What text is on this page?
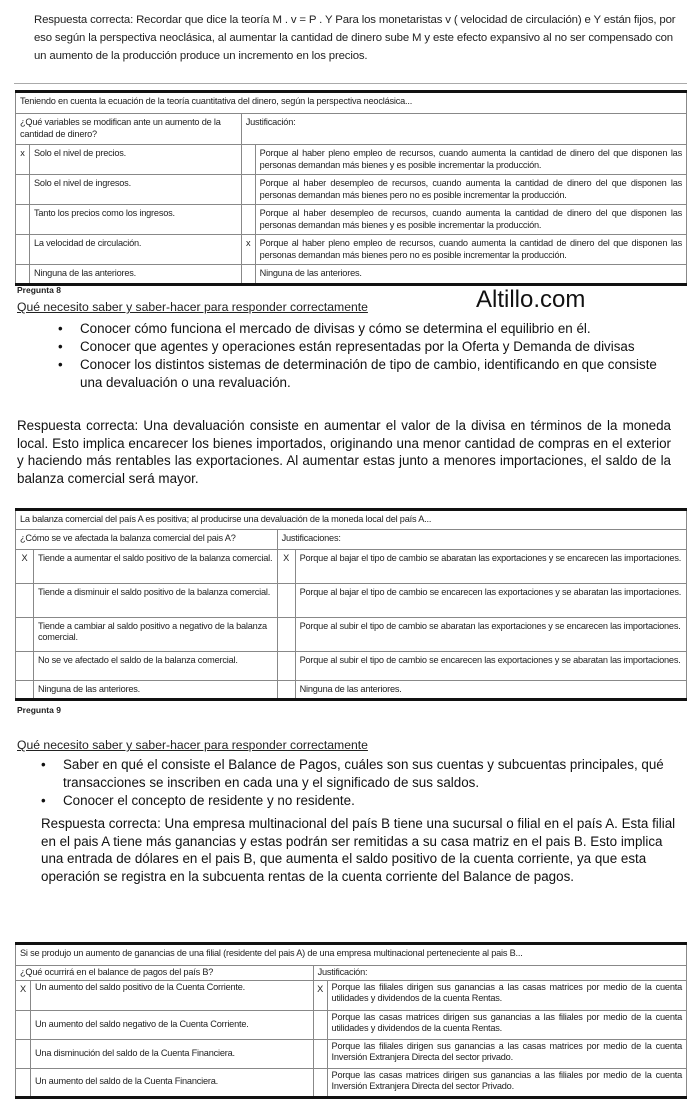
Respuesta correcta: Recordar que dice la teoría M . v = P . Y Para los monetaristas v ( velocidad de circulación) e Y están fijos, por eso según la perspectiva neoclásica, al aumentar la cantidad de dinero sube M y este efecto expansivo al no ser compensado con un aumento de la producción produce un incremento en los precios.

Teniendo en cuenta la ecuación de la teoría cuantitativa del dinero, según la perspectiva neoclásica...			
¿Qué variables se modifican ante un aumento de la cantidad de dinero?		Justificación:	
x	Solo el nivel de precios.		Porque al haber pleno empleo de recursos, cuando aumenta la cantidad de dinero del que disponen las personas demandan más bienes y es posible incrementar la producción.
	Solo el nivel de ingresos.		Porque al haber desempleo de recursos, cuando aumenta la cantidad de dinero del que disponen las personas demandan más bienes pero no es posible incrementar la producción.
	Tanto los precios como los ingresos.		Porque al haber desempleo de recursos, cuando aumenta la cantidad de dinero del que disponen las personas demandan más bienes y es posible incrementar la producción.
	La velocidad de circulación.	x	Porque al haber pleno empleo de recursos, cuando aumenta la cantidad de dinero del que disponen las personas demandan más bienes pero no es posible incrementar la producción.
	Ninguna de las anteriores.		Ninguna de las anteriores.
Pregunta 8
Qué necesito saber y saber-hacer para responder correctamente	Altillo.com
• Conocer cómo funciona el mercado de divisas y cómo se determina el equilibrio en él.
• Conocer que agentes y operaciones están representadas por la Oferta y Demanda de divisas
• Conocer los distintos sistemas de determinación de tipo de cambio, identificando en que consiste una devaluación o una revaluación.

Respuesta correcta: Una devaluación consiste en aumentar el valor de la divisa en términos de la moneda local. Esto implica encarecer los bienes importados, originando una menor cantidad de compras en el exterior y haciendo más rentables las exportaciones. Al aumentar estas junto a menores importaciones, el saldo de la balanza comercial será mayor.

La balanza comercial del país A es positiva; al producirse una devaluación de la moneda local del país A...			
¿Cómo se ve afectada la balanza comercial del pais A?		Justificaciones:	
X	Tiende a aumentar el saldo positivo de la balanza comercial.	X	Porque al bajar el tipo de cambio se abaratan las exportaciones y se encarecen las importaciones.
	Tiende a disminuir el saldo positivo de la balanza comercial.		Porque al bajar el tipo de cambio se encarecen las exportaciones y se abaratan las importaciones.
	Tiende a cambiar al saldo positivo a negativo de la balanza comercial.		Porque al subir el tipo de cambio se abaratan las exportaciones y se encarecen las importaciones.
	No se ve afectado el saldo de la balanza comercial.		Porque al subir el tipo de cambio se encarecen las exportaciones y se abaratan las importaciones.
	Ninguna de las anteriores.		Ninguna de las anteriores.
Pregunta 9
Qué necesito saber y saber-hacer para responder correctamente
• Saber en qué el consiste el Balance de Pagos, cuáles son sus cuentas y subcuentas principales, qué transacciones se inscriben en cada una y el significado de sus saldos.
• Conocer el concepto de residente y no residente.

Respuesta correcta: Una empresa multinacional del país B tiene una sucursal o filial en el país A. Esta filial en el pais A tiene más ganancias y estas podrán ser remitidas a su casa matriz en el pais B. Esto implica una entrada de dólares en el pais B, que aumenta el saldo positivo de la cuenta corriente, ya que esta operación se registra en la subcuenta rentas de la cuenta corriente del Balance de pagos.

Si se produjo un aumento de ganancias de una filial (residente del pais A) de una empresa multinacional perteneciente al pais B...			
¿Qué ocurrirá en el balance de pagos del país B?		Justificación:	
X	Un aumento del saldo positivo de la Cuenta Corriente.	X	Porque las filiales dirigen sus ganancias a las casas matrices por medio de la cuenta utilidades y dividendos de la cuenta Rentas.
	Un aumento del saldo negativo de la Cuenta Corriente.		Porque las casas matrices dirigen sus ganancias a las filiales por medio de la cuenta utilidades y dividendos de la cuenta Rentas.
	Una disminución del saldo de la Cuenta Financiera.		Porque las filiales dirigen sus ganancias a las casas matrices por medio de la cuenta Inversión Extranjera Directa del sector privado.
	Un aumento del saldo de la Cuenta Financiera.		Porque las casas matrices dirigen sus ganancias a las filiales por medio de la cuenta Inversión Extranjera Directa del sector Privado.
